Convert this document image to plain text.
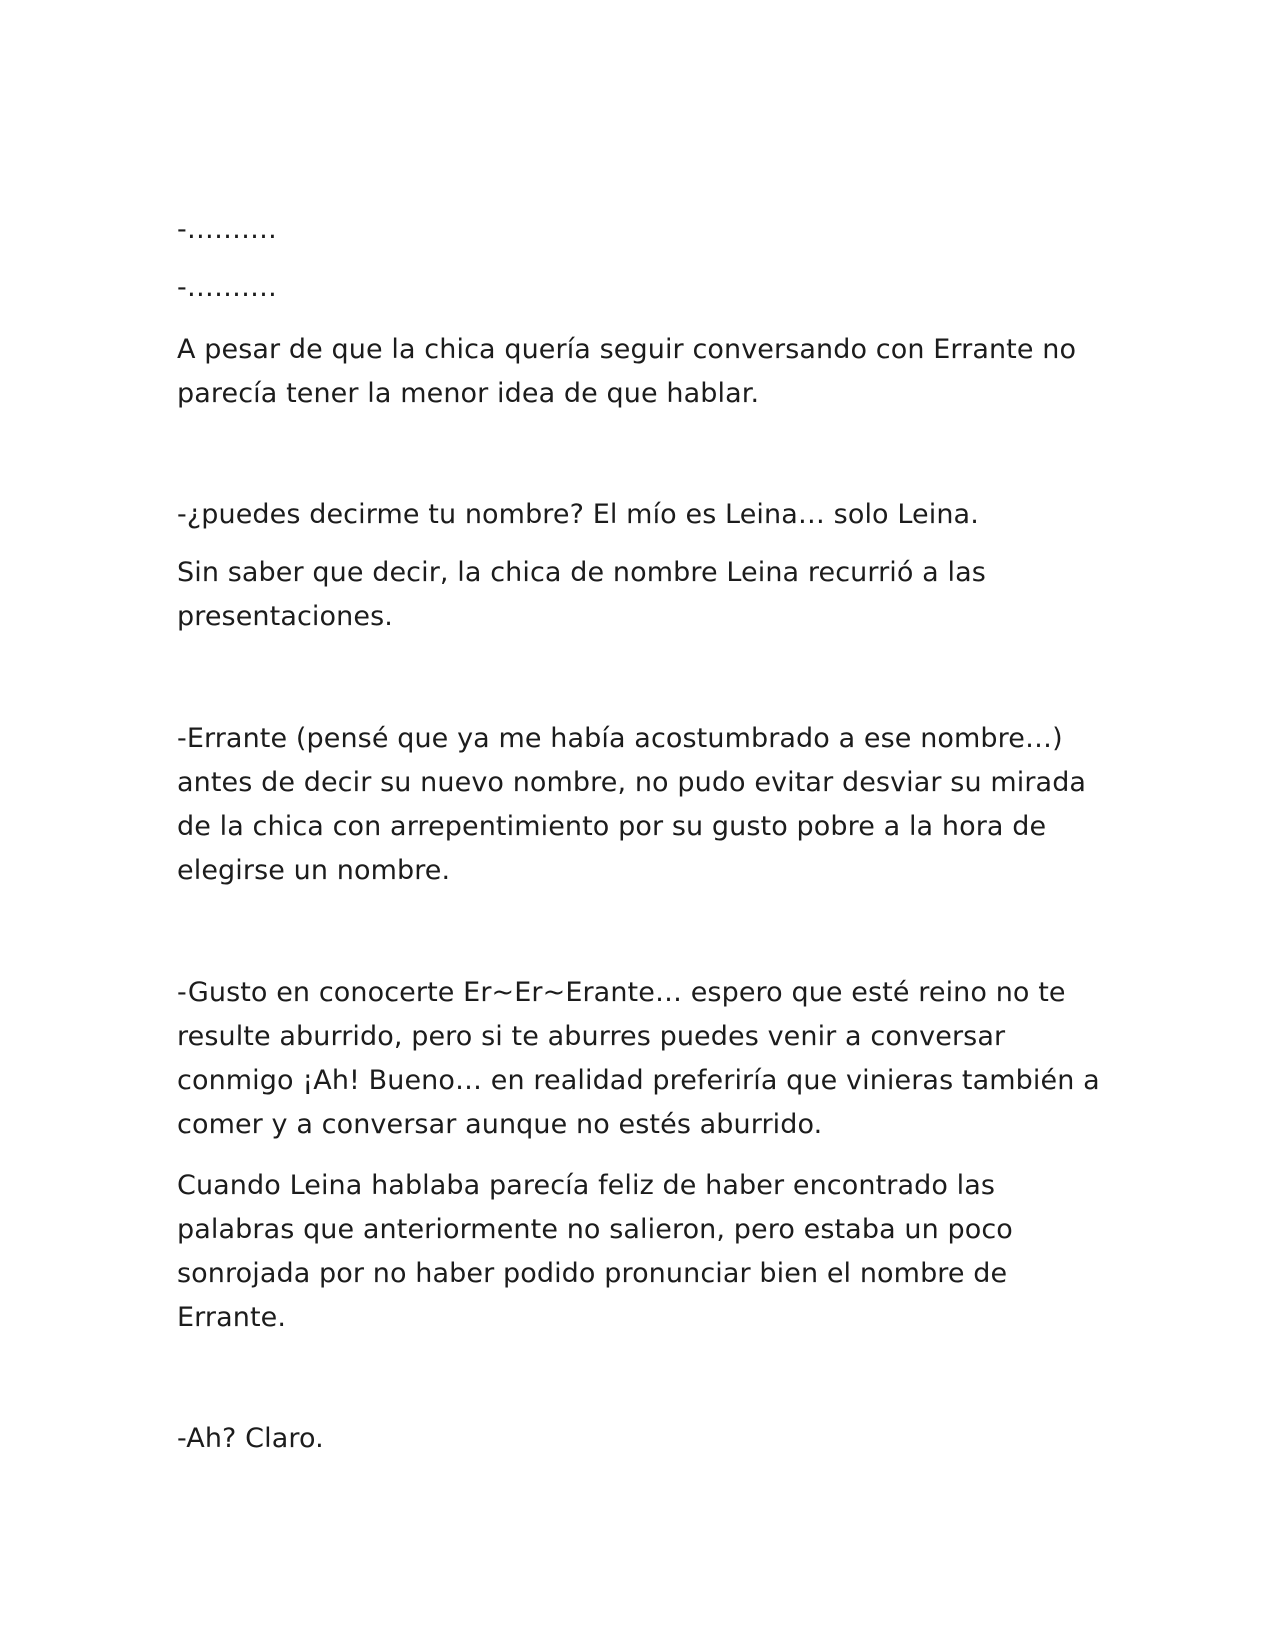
-……….

-……….

A pesar de que la chica quería seguir conversando con Errante no

parecía tener la menor idea de que hablar.

-¿puedes decirme tu nombre? El mío es Leina… solo Leina.

Sin saber que decir, la chica de nombre Leina recurrió a las

presentaciones.

-Errante (pensé que ya me había acostumbrado a ese nombre…)

antes de decir su nuevo nombre, no pudo evitar desviar su mirada

de la chica con arrepentimiento por su gusto pobre a la hora de

elegirse un nombre.

-Gusto en conocerte Er~Er~Erante… espero que esté reino no te

resulte aburrido, pero si te aburres puedes venir a conversar

conmigo ¡Ah! Bueno… en realidad preferiría que vinieras también a

comer y a conversar aunque no estés aburrido.

Cuando Leina hablaba parecía feliz de haber encontrado las

palabras que anteriormente no salieron, pero estaba un poco

sonrojada por no haber podido pronunciar bien el nombre de

Errante.

-Ah? Claro.
